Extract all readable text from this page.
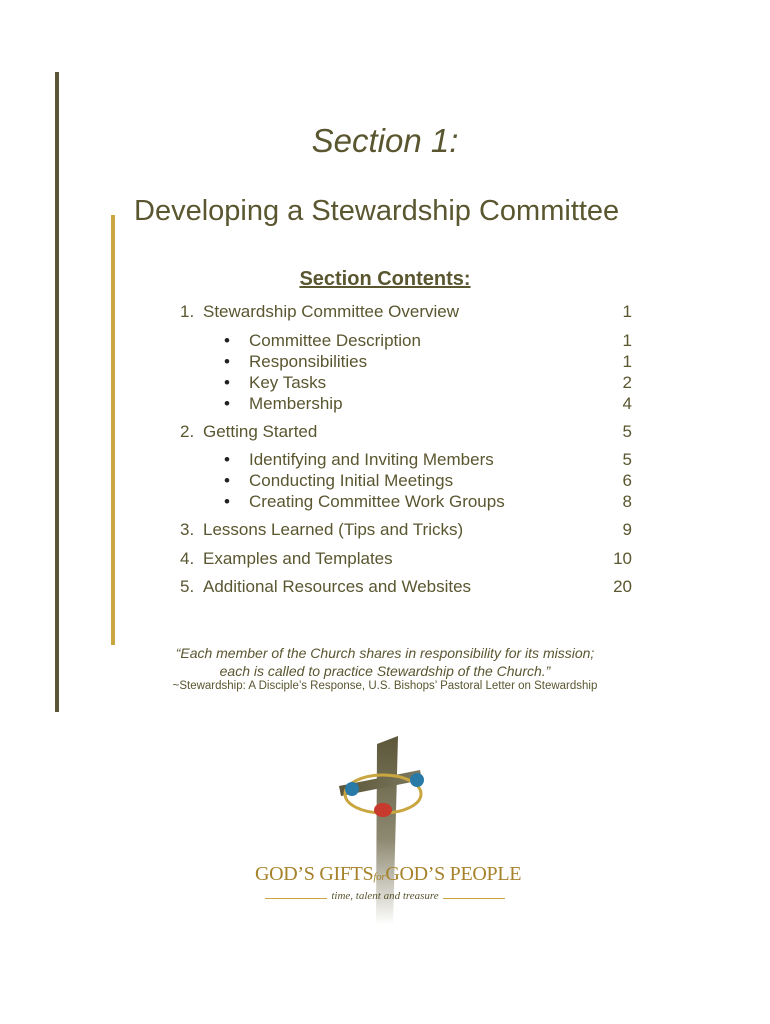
Section 1:
Developing a Stewardship Committee
Section Contents:
1. Stewardship Committee Overview	1
• Committee Description	1
• Responsibilities	1
• Key Tasks	2
• Membership	4
2. Getting Started	5
• Identifying and Inviting Members	5
• Conducting Initial Meetings	6
• Creating Committee Work Groups	8
3. Lessons Learned (Tips and Tricks)	9
4. Examples and Templates	10
5. Additional Resources and Websites	20
“Each member of the Church shares in responsibility for its mission;
each is called to practice Stewardship of the Church.”
~Stewardship: A Disciple’s Response, U.S. Bishops’ Pastoral Letter on Stewardship
GOD’S GIFTSforGOD’S PEOPLE
time, talent and treasure
